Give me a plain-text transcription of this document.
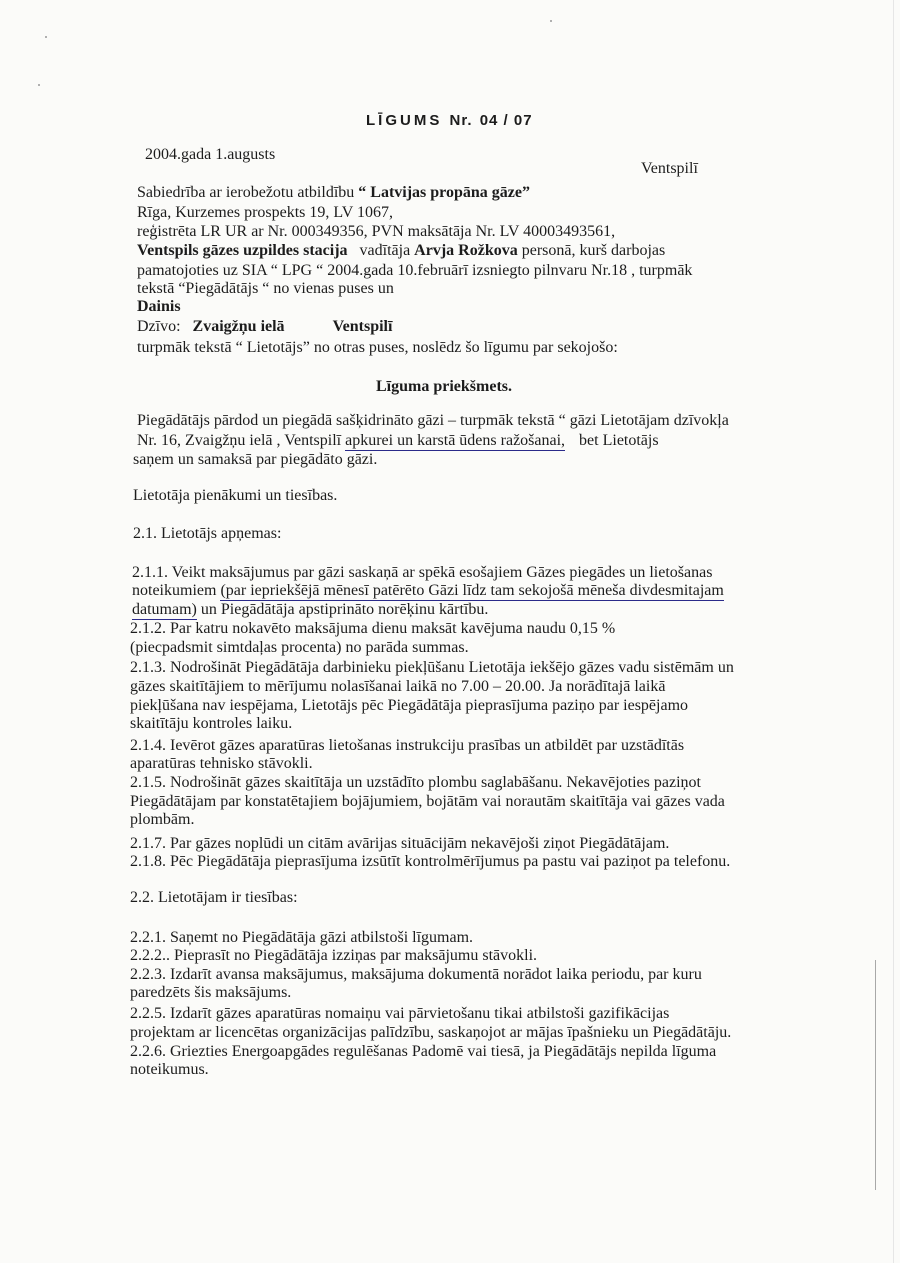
LĪGUMS Nr. 04 / 07
2004.gada 1.augusts
Ventspilī
Sabiedrība ar ierobežotu atbildību “ Latvijas propāna gāze”
Rīga, Kurzemes prospekts 19, LV 1067,
reģistrēta LR UR ar Nr. 000349356, PVN maksātāja Nr. LV 40003493561,
Ventspils gāzes uzpildes stacija vadītāja Arvja Rožkova personā, kurš darbojas
pamatojoties uz SIA “ LPG “ 2004.gada 10.februārī izsniegto pilnvaru Nr.18 , turpmāk
tekstā “Piegādātājs “ no vienas puses un
Dainis
Dzīvo: Zvaigžņu ielā	Ventspilī
turpmāk tekstā “ Lietotājs” no otras puses, noslēdz šo līgumu par sekojošo:
Līguma priekšmets.
Piegādātājs pārdod un piegādā sašķidrināto gāzi – turpmāk tekstā “ gāzi Lietotājam dzīvokļa
Nr. 16, Zvaigžņu ielā , Ventspilī apkurei un karstā ūdens ražošanai, bet Lietotājs
saņem un samaksā par piegādāto gāzi.
Lietotāja pienākumi un tiesības.
2.1. Lietotājs apņemas:
2.1.1. Veikt maksājumus par gāzi saskaņā ar spēkā esošajiem Gāzes piegādes un lietošanas
noteikumiem (par iepriekšējā mēnesī patērēto Gāzi līdz tam sekojošā mēneša divdesmitajam
datumam) un Piegādātāja apstiprināto norēķinu kārtību.
2.1.2. Par katru nokavēto maksājuma dienu maksāt kavējuma naudu 0,15 %
(piecpadsmit simtdaļas procenta) no parāda summas.
2.1.3. Nodrošināt Piegādātāja darbinieku piekļūšanu Lietotāja iekšējo gāzes vadu sistēmām un
gāzes skaitītājiem to mērījumu nolasīšanai laikā no 7.00 – 20.00. Ja norādītajā laikā
piekļūšana nav iespējama, Lietotājs pēc Piegādātāja pieprasījuma paziņo par iespējamo
skaitītāju kontroles laiku.
2.1.4. Ievērot gāzes aparatūras lietošanas instrukciju prasības un atbildēt par uzstādītās
aparatūras tehnisko stāvokli.
2.1.5. Nodrošināt gāzes skaitītāja un uzstādīto plombu saglabāšanu. Nekavējoties paziņot
Piegādātājam par konstatētajiem bojājumiem, bojātām vai norautām skaitītāja vai gāzes vada
plombām.
2.1.7. Par gāzes noplūdi un citām avārijas situācijām nekavējoši ziņot Piegādātājam.
2.1.8. Pēc Piegādātāja pieprasījuma izsūtīt kontrolmērījumus pa pastu vai paziņot pa telefonu.
2.2. Lietotājam ir tiesības:
2.2.1. Saņemt no Piegādātāja gāzi atbilstoši līgumam.
2.2.2.. Pieprasīt no Piegādātāja izziņas par maksājumu stāvokli.
2.2.3. Izdarīt avansa maksājumus, maksājuma dokumentā norādot laika periodu, par kuru
paredzēts šis maksājums.
2.2.5. Izdarīt gāzes aparatūras nomaiņu vai pārvietošanu tikai atbilstoši gazifikācijas
projektam ar licencētas organizācijas palīdzību, saskaņojot ar mājas īpašnieku un Piegādātāju.
2.2.6. Griezties Energoapgādes regulēšanas Padomē vai tiesā, ja Piegādātājs nepilda līguma
noteikumus.
